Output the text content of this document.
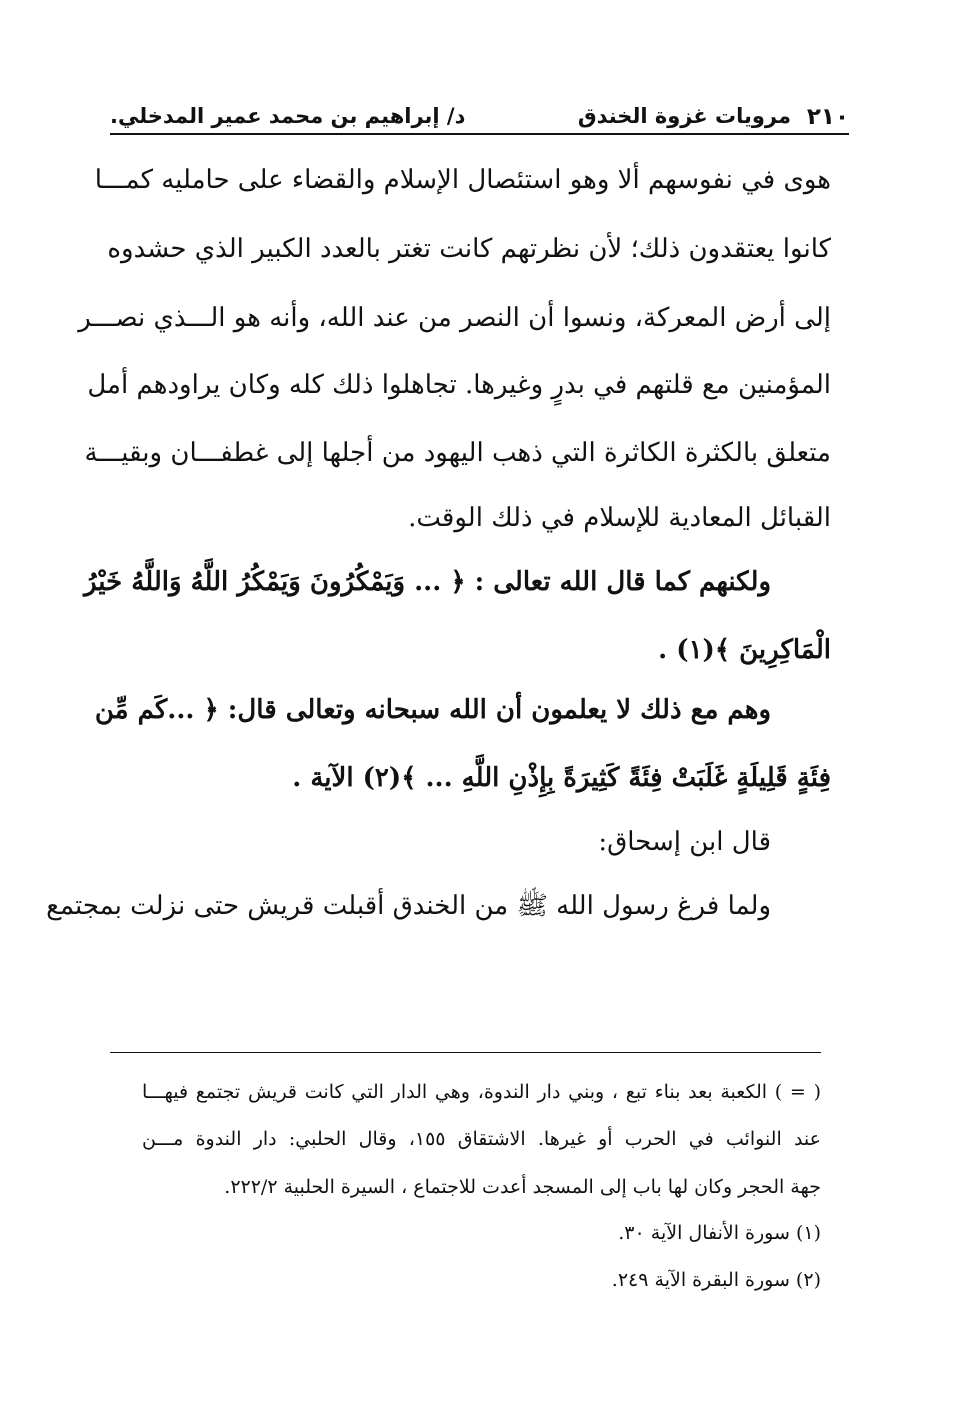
٢١٠
مرويات غزوة الخندق
د/ إبراهيم بن محمد عمير المدخلي.
هوى في نفوسهم ألا وهو استئصال الإسلام والقضاء على حامليه كمـــا
كانوا يعتقدون ذلك؛ لأن نظرتهم كانت تغتر بالعدد الكبير الذي حشدوه
إلى أرض المعركة، ونسوا أن النصر من عند الله، وأنه هو الـــذي نصـــر
المؤمنين مع قلتهم في بدرٍ وغيرها. تجاهلوا ذلك كله وكان يراودهم أمل
متعلق بالكثرة الكاثرة التي ذهب اليهود من أجلها إلى غطفـــان وبقيـــة
القبائل المعادية للإسلام في ذلك الوقت.
ولكنهم كما قال الله تعالى : ﴿ ... وَيَمْكُرُونَ وَيَمْكُرُ اللَّهُ وَاللَّهُ خَيْرُ
الْمَاكِرِينَ ﴾(١) .
وهم مع ذلك لا يعلمون أن الله سبحانه وتعالى قال: ﴿ ...كَم مِّن
فِئَةٍ قَلِيلَةٍ غَلَبَتْ فِئَةً كَثِيرَةً بِإِذْنِ اللَّهِ ... ﴾(٢) الآية .
قال ابن إسحاق:
ولما فرغ رسول الله ﷺ من الخندق أقبلت قريش حتى نزلت بمجتمع
( = ) الكعبة بعد بناء تبع ، وبني دار الندوة، وهي الدار التي كانت قريش تجتمع فيهـــا
عند النوائب في الحرب أو غيرها. الاشتقاق ١٥٥، وقال الحلبي: دار الندوة مـــن
جهة الحجر وكان لها باب إلى المسجد أعدت للاجتماع ، السيرة الحلبية ٢٢٢/٢.
(١) سورة الأنفال الآية ٣٠.
(٢) سورة البقرة الآية ٢٤٩.
